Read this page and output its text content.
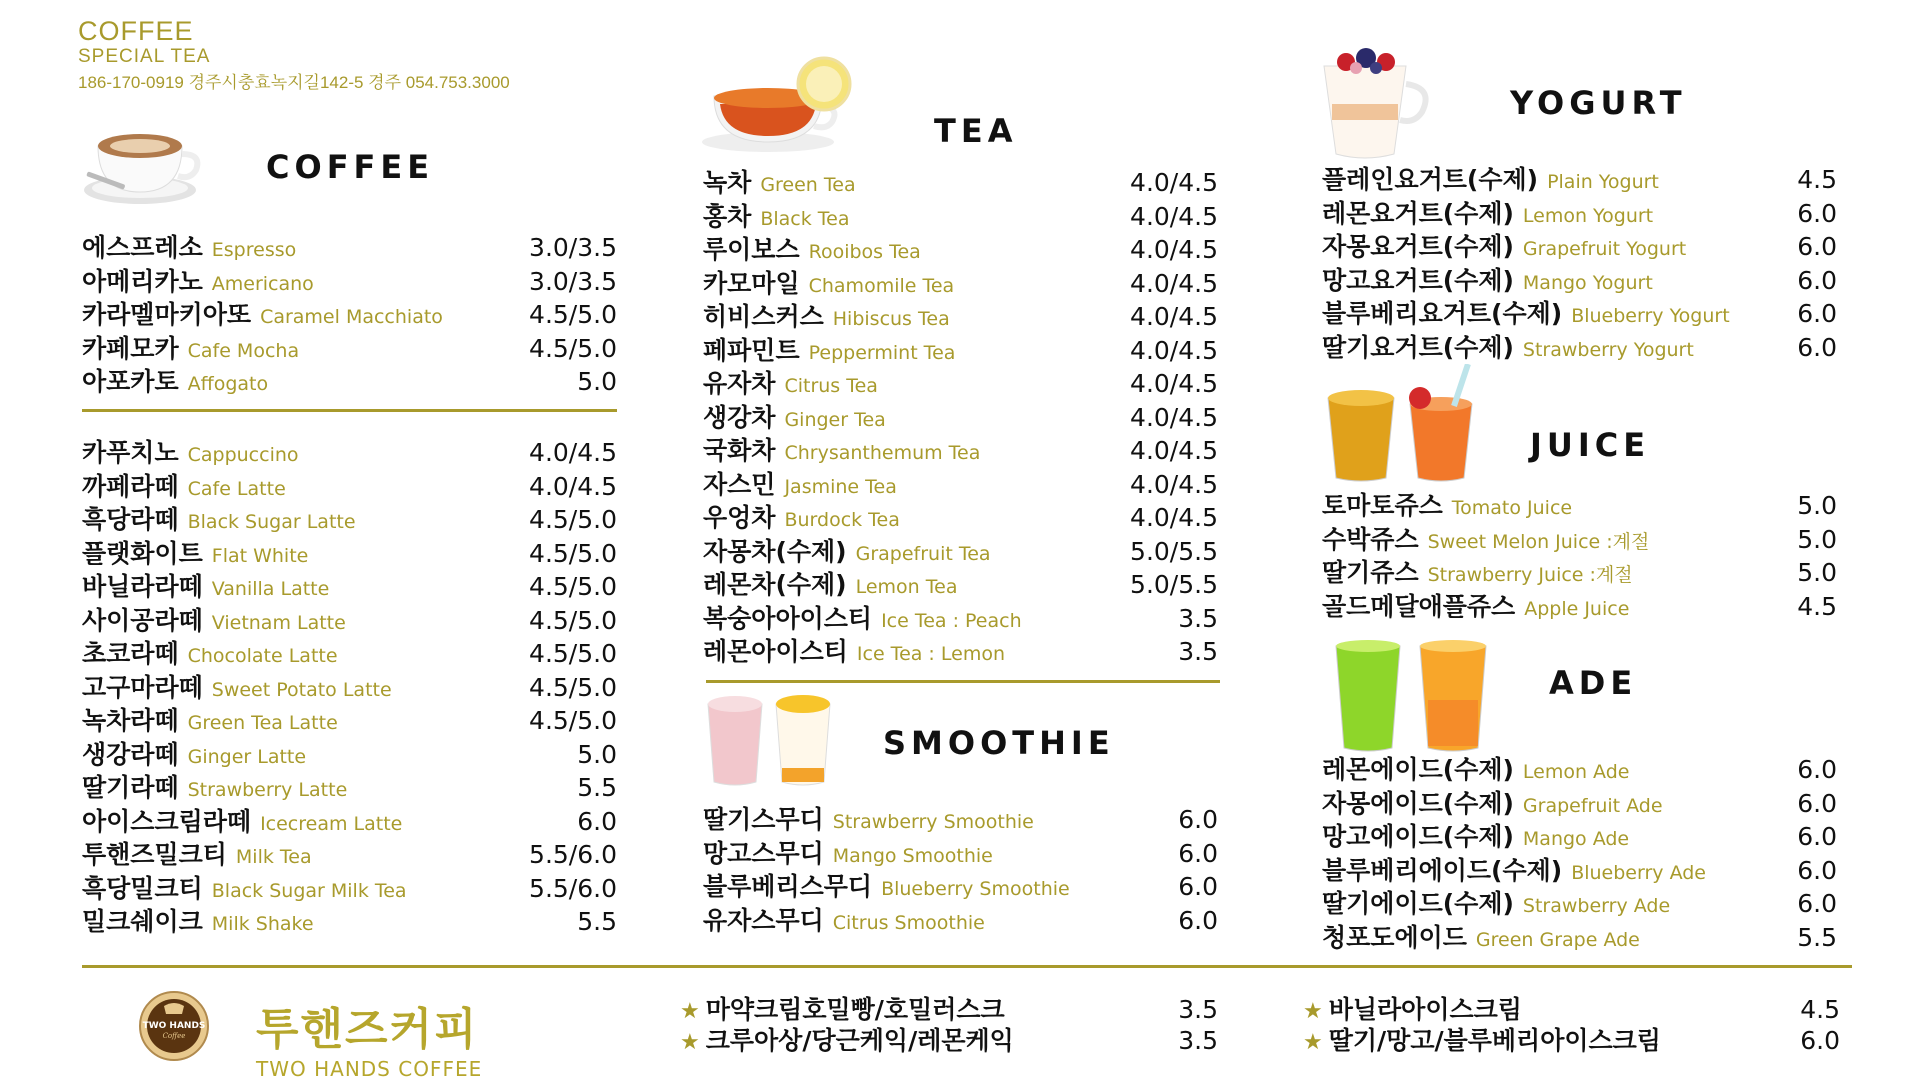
COFFEE
SPECIAL TEA
186-170-0919 경주시충효녹지길142-5 경주 054.753.3000
COFFEE
에스프레소 Espresso	3.0/3.5
아메리카노 Americano	3.0/3.5
카라멜마키아또 Caramel Macchiato	4.5/5.0
카페모카 Cafe Mocha	4.5/5.0
아포카토 Affogato	5.0
카푸치노 Cappuccino	4.0/4.5
까페라떼 Cafe Latte	4.0/4.5
흑당라떼 Black Sugar Latte	4.5/5.0
플랫화이트 Flat White	4.5/5.0
바닐라라떼 Vanilla Latte	4.5/5.0
사이공라떼 Vietnam Latte	4.5/5.0
초코라떼 Chocolate Latte	4.5/5.0
고구마라떼 Sweet Potato Latte	4.5/5.0
녹차라떼 Green Tea Latte	4.5/5.0
생강라떼 Ginger Latte	5.0
딸기라떼 Strawberry Latte	5.5
아이스크림라떼 Icecream Latte	6.0
투핸즈밀크티 Milk Tea	5.5/6.0
흑당밀크티 Black Sugar Milk Tea	5.5/6.0
밀크쉐이크 Milk Shake	5.5
TEA
녹차 Green Tea	4.0/4.5
홍차 Black Tea	4.0/4.5
루이보스 Rooibos Tea	4.0/4.5
카모마일 Chamomile Tea	4.0/4.5
히비스커스 Hibiscus Tea	4.0/4.5
페파민트 Peppermint Tea	4.0/4.5
유자차 Citrus Tea	4.0/4.5
생강차 Ginger Tea	4.0/4.5
국화차 Chrysanthemum Tea	4.0/4.5
자스민 Jasmine Tea	4.0/4.5
우엉차 Burdock Tea	4.0/4.5
자몽차(수제) Grapefruit Tea	5.0/5.5
레몬차(수제) Lemon Tea	5.0/5.5
복숭아아이스티 Ice Tea : Peach	3.5
레몬아이스티 Ice Tea : Lemon	3.5
SMOOTHIE
딸기스무디 Strawberry Smoothie	6.0
망고스무디 Mango Smoothie	6.0
블루베리스무디 Blueberry Smoothie	6.0
유자스무디 Citrus Smoothie	6.0
YOGURT
플레인요거트(수제) Plain Yogurt	4.5
레몬요거트(수제) Lemon Yogurt	6.0
자몽요거트(수제) Grapefruit Yogurt	6.0
망고요거트(수제) Mango Yogurt	6.0
블루베리요거트(수제) Blueberry Yogurt	6.0
딸기요거트(수제) Strawberry Yogurt	6.0
JUICE
토마토쥬스 Tomato Juice	5.0
수박쥬스 Sweet Melon Juice :계절	5.0
딸기쥬스 Strawberry Juice :계절	5.0
골드메달애플쥬스 Apple Juice	4.5
ADE
레몬에이드(수제) Lemon Ade	6.0
자몽에이드(수제) Grapefruit Ade	6.0
망고에이드(수제) Mango Ade	6.0
블루베리에이드(수제) Blueberry Ade	6.0
딸기에이드(수제) Strawberry Ade	6.0
청포도에이드 Green Grape Ade	5.5
TWO HANDS
Coffee 투핸즈커피
TWO HANDS COFFEE
★ 마약크림호밀빵/호밀러스크	3.5
★ 크루아상/당근케익/레몬케익	3.5
★ 바닐라아이스크림	4.5
★ 딸기/망고/블루베리아이스크림	6.0
